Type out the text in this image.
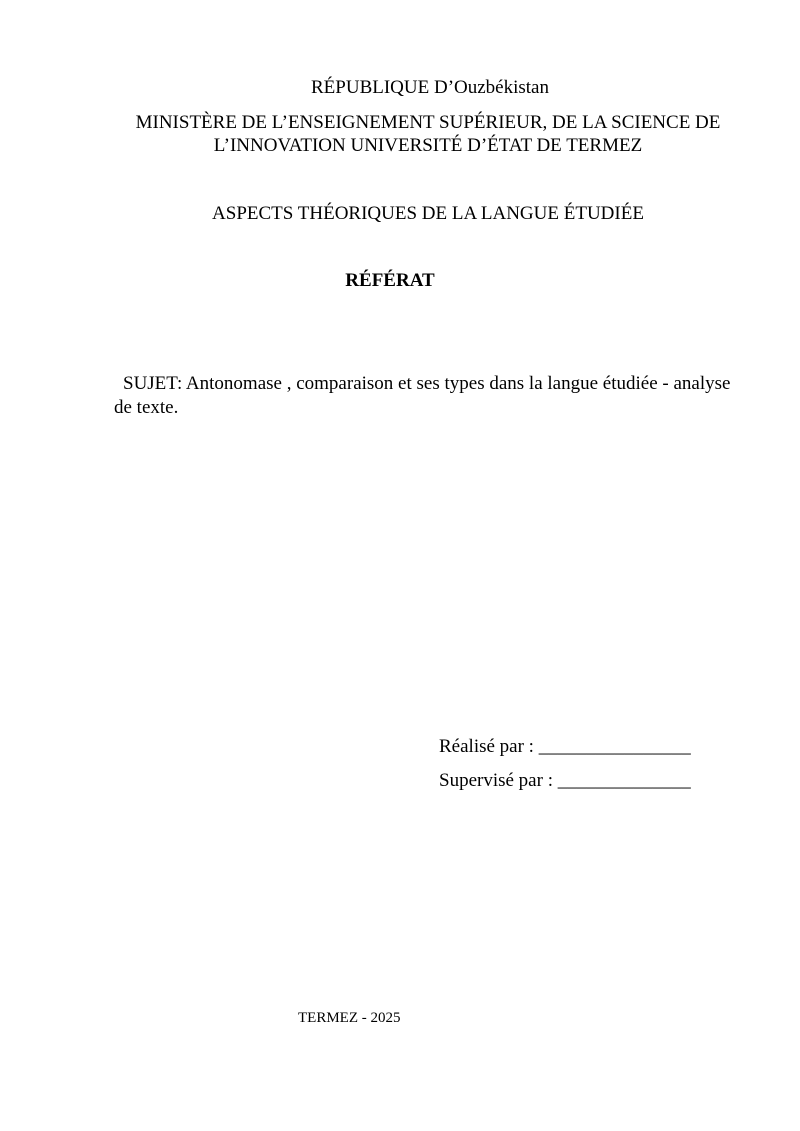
RÉPUBLIQUE D’Ouzbékistan
MINISTÈRE DE L’ENSEIGNEMENT SUPÉRIEUR, DE LA SCIENCE DE
L’INNOVATION UNIVERSITÉ D’ÉTAT DE TERMEZ
ASPECTS THÉORIQUES DE LA LANGUE ÉTUDIÉE
RÉFÉRAT
SUJET: Antonomase , comparaison et ses types dans la langue étudiée - analyse
de texte.
Réalisé par : ________________
Supervisé par : ______________
TERMEZ - 2025
